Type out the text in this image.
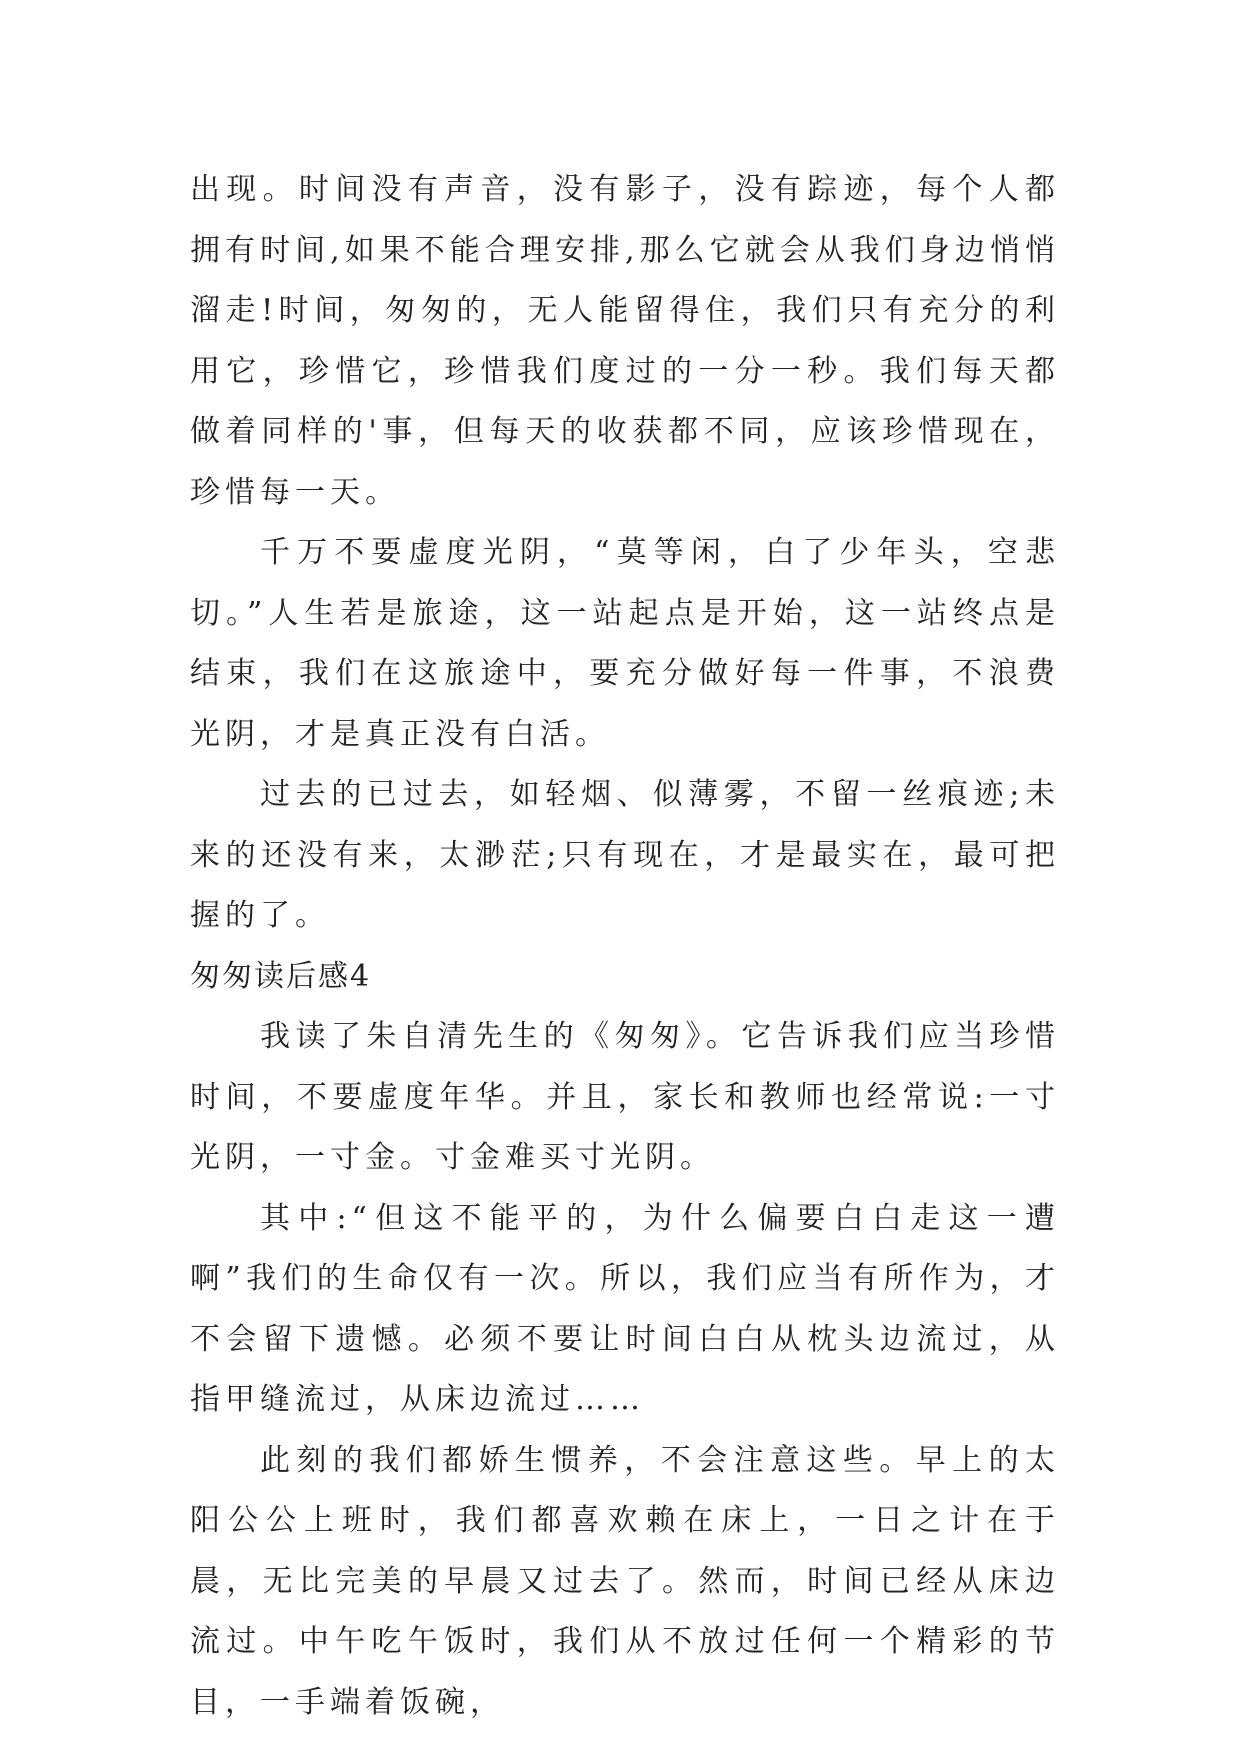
出现。时间没有声音，没有影子，没有踪迹，每个人都拥有时间,如果不能合理安排,那么它就会从我们身边悄悄溜走!时间，匆匆的，无人能留得住，我们只有充分的利用它，珍惜它，珍惜我们度过的一分一秒。我们每天都做着同样的'事，但每天的收获都不同，应该珍惜现在，珍惜每一天。

千万不要虚度光阴，“莫等闲，白了少年头，空悲切。”人生若是旅途，这一站起点是开始，这一站终点是结束，我们在这旅途中，要充分做好每一件事，不浪费光阴，才是真正没有白活。

过去的已过去，如轻烟、似薄雾，不留一丝痕迹;未来的还没有来，太渺茫;只有现在，才是最实在，最可把握的了。

匆匆读后感4

我读了朱自清先生的《匆匆》。它告诉我们应当珍惜时间，不要虚度年华。并且，家长和教师也经常说:一寸光阴，一寸金。寸金难买寸光阴。

其中:“但这不能平的，为什么偏要白白走这一遭啊”我们的生命仅有一次。所以，我们应当有所作为，才不会留下遗憾。必须不要让时间白白从枕头边流过，从指甲缝流过，从床边流过……

此刻的我们都娇生惯养，不会注意这些。早上的太阳公公上班时，我们都喜欢赖在床上，一日之计在于晨，无比完美的早晨又过去了。然而，时间已经从床边流过。中午吃午饭时，我们从不放过任何一个精彩的节目，一手端着饭碗，
